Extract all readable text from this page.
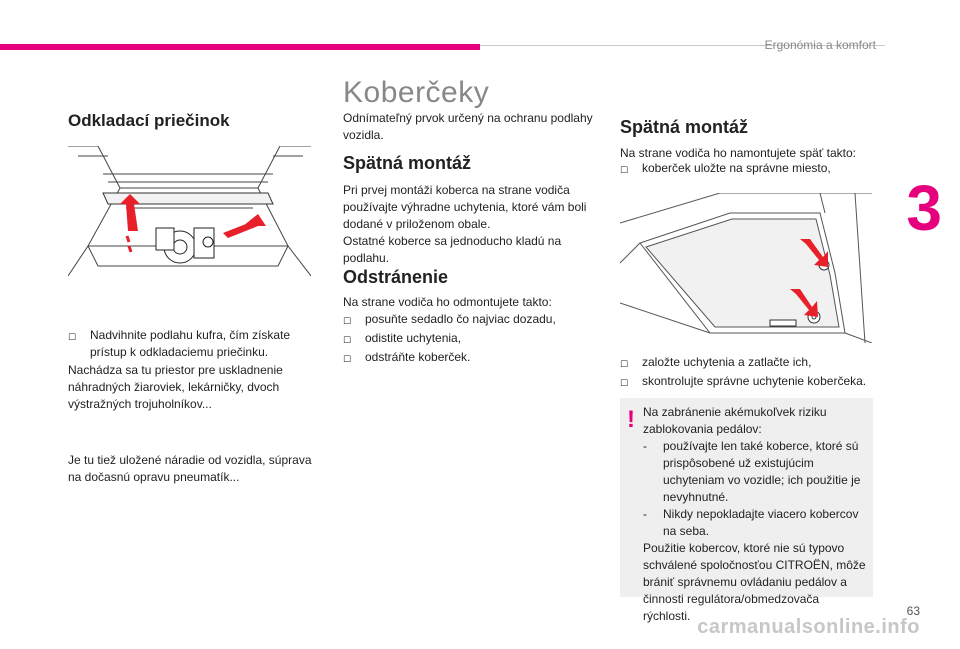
Ergonómia a komfort
3
Odkladací priečinok
☐	Nadvihnite podlahu kufra, čím získate prístup k odkladaciemu priečinku.

Nachádza sa tu priestor pre uskladnenie náhradných žiaroviek, lekárničky, dvoch výstražných trojuholníkov...

Je tu tiež uložené náradie od vozidla, súprava na dočasnú opravu pneumatík...

Koberčeky

Odnímateľný prvok určený na ochranu podlahy vozidla.

Spätná montáž

Pri prvej montáži koberca na strane vodiča používajte výhradne uchytenia, ktoré vám boli dodané v priloženom obale.

Ostatné koberce sa jednoducho kladú na podlahu.

Odstránenie

Na strane vodiča ho odmontujete takto:

☐	posuňte sedadlo čo najviac dozadu,
☐	odistite uchytenia,
☐	odstráňte koberček.
Spätná montáž

Na strane vodiča ho namontujete späť takto:

☐	koberček uložte na správne miesto,
☐	založte uchytenia a zatlačte ich,
☐	skontrolujte správne uchytenie koberčeka.
! Na zabránenie akémukoľvek riziku zablokovania pedálov:
-	používajte len také koberce, ktoré sú prispôsobené už existujúcim uchyteniam vo vozidle; ich použitie je nevyhnutné.
-	Nikdy nepokladajte viacero kobercov na seba.
Použitie kobercov, ktoré nie sú typovo schválené spoločnosťou CITROËN, môže brániť správnemu ovládaniu pedálov a činnosti regulátora/obmedzovača rýchlosti.	63
carmanualsonline.info
